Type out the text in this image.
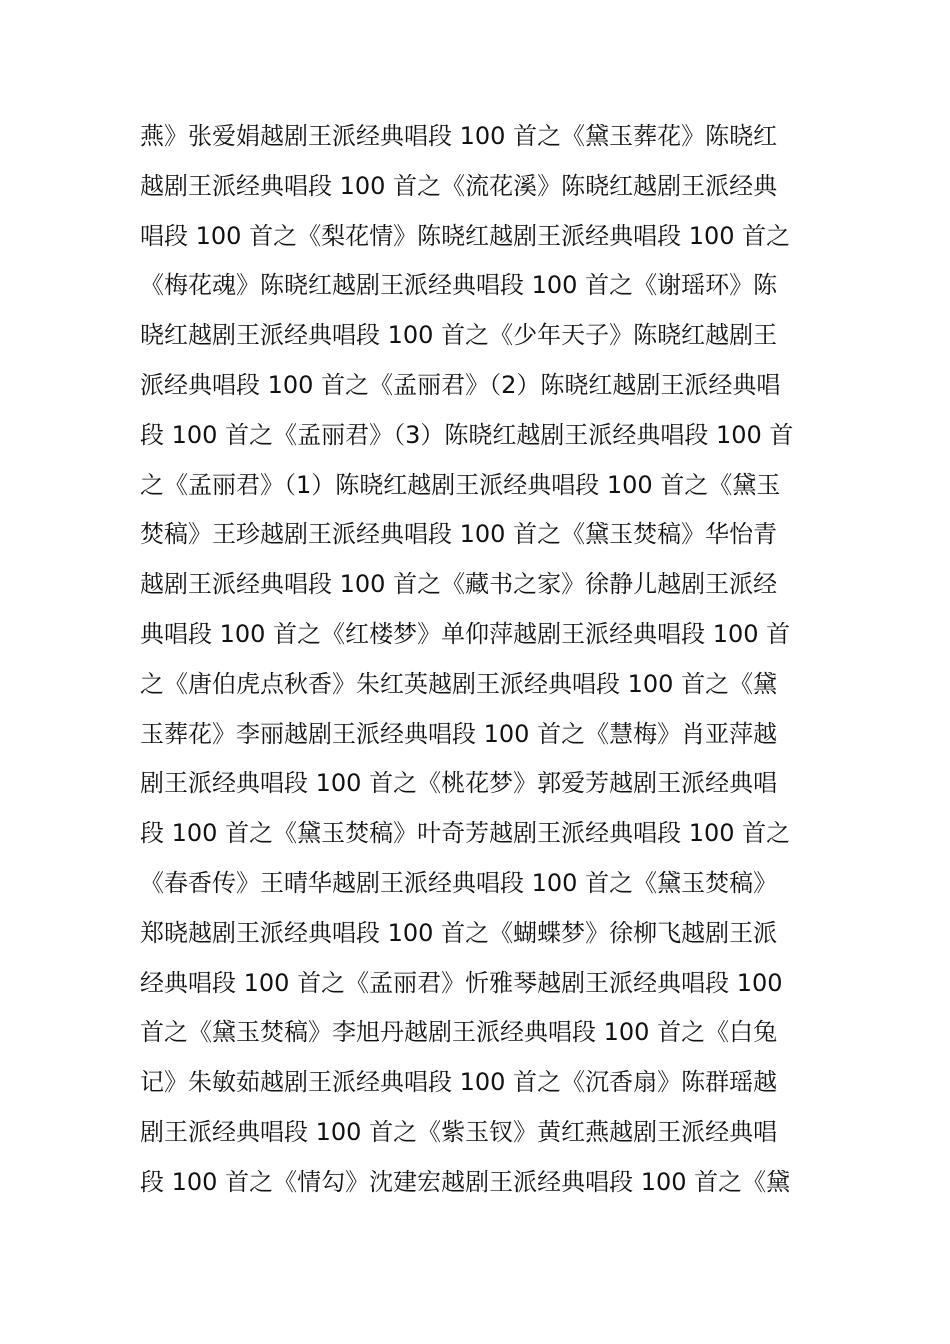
燕》张爱娟越剧王派经典唱段 100 首之《黛玉葬花》陈晓红
越剧王派经典唱段 100 首之《流花溪》陈晓红越剧王派经典
唱段 100 首之《梨花情》陈晓红越剧王派经典唱段 100 首之
《梅花魂》陈晓红越剧王派经典唱段 100 首之《谢瑶环》陈
晓红越剧王派经典唱段 100 首之《少年天子》陈晓红越剧王
派经典唱段 100 首之《孟丽君》（2）陈晓红越剧王派经典唱
段 100 首之《孟丽君》（3）陈晓红越剧王派经典唱段 100 首
之《孟丽君》（1）陈晓红越剧王派经典唱段 100 首之《黛玉
焚稿》王珍越剧王派经典唱段 100 首之《黛玉焚稿》华怡青
越剧王派经典唱段 100 首之《藏书之家》徐静儿越剧王派经
典唱段 100 首之《红楼梦》单仰萍越剧王派经典唱段 100 首
之《唐伯虎点秋香》朱红英越剧王派经典唱段 100 首之《黛
玉葬花》李丽越剧王派经典唱段 100 首之《慧梅》肖亚萍越
剧王派经典唱段 100 首之《桃花梦》郭爱芳越剧王派经典唱
段 100 首之《黛玉焚稿》叶奇芳越剧王派经典唱段 100 首之
《春香传》王晴华越剧王派经典唱段 100 首之《黛玉焚稿》
郑晓越剧王派经典唱段 100 首之《蝴蝶梦》徐柳飞越剧王派
经典唱段 100 首之《孟丽君》忻雅琴越剧王派经典唱段 100
首之《黛玉焚稿》李旭丹越剧王派经典唱段 100 首之《白兔
记》朱敏茹越剧王派经典唱段 100 首之《沉香扇》陈群瑶越
剧王派经典唱段 100 首之《紫玉钗》黄红燕越剧王派经典唱
段 100 首之《情勾》沈建宏越剧王派经典唱段 100 首之《黛
